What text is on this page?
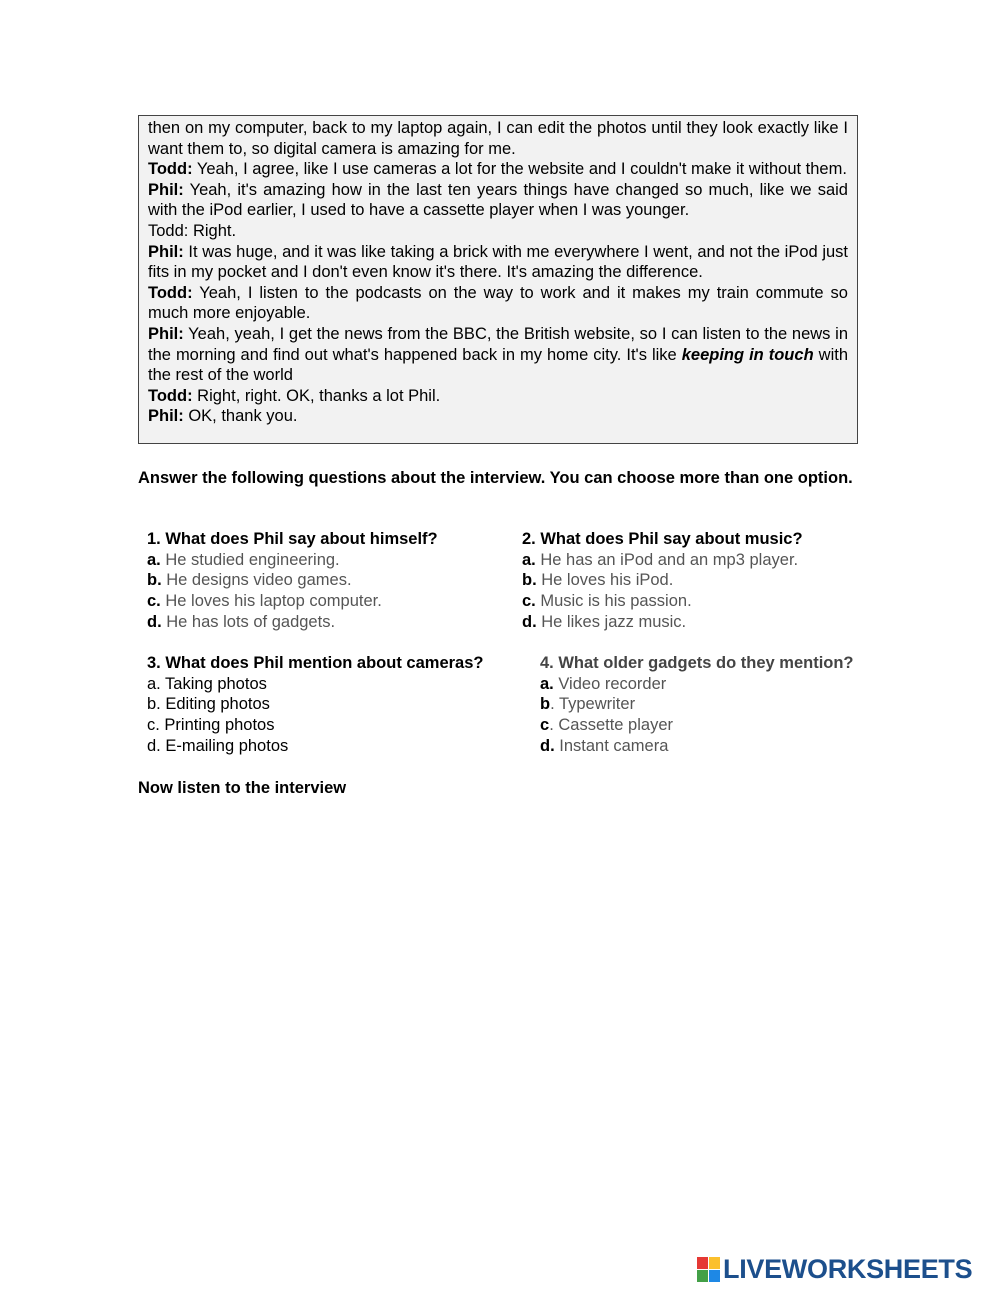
then on my computer, back to my laptop again, I can edit the photos until they look exactly like I want them to, so digital camera is amazing for me.

Todd: Yeah, I agree, like I use cameras a lot for the website and I couldn't make it without them.

Phil: Yeah, it's amazing how in the last ten years things have changed so much, like we said with the iPod earlier, I used to have a cassette player when I was younger.

Todd: Right.

Phil: It was huge, and it was like taking a brick with me everywhere I went, and not the iPod just fits in my pocket and I don't even know it's there. It's amazing the difference.

Todd: Yeah, I listen to the podcasts on the way to work and it makes my train commute so much more enjoyable.

Phil: Yeah, yeah, I get the news from the BBC, the British website, so I can listen to the news in the morning and find out what's happened back in my home city. It's like keeping in touch with the rest of the world

Todd: Right, right. OK, thanks a lot Phil.

Phil: OK, thank you.

Answer the following questions about the interview. You can choose more than one option.
1. What does Phil say about himself?
a. He studied engineering.
b. He designs video games.
c. He loves his laptop computer.
d. He has lots of gadgets.
2. What does Phil say about music?
a. He has an iPod and an mp3 player.
b. He loves his iPod.
c. Music is his passion.
d. He likes jazz music.
3. What does Phil mention about cameras?
a. Taking photos
b. Editing photos
c. Printing photos
d. E-mailing photos
4. What older gadgets do they mention?
a. Video recorder
b. Typewriter
c. Cassette player
d. Instant camera
Now listen to the interview
LIVEWORKSHEETS
